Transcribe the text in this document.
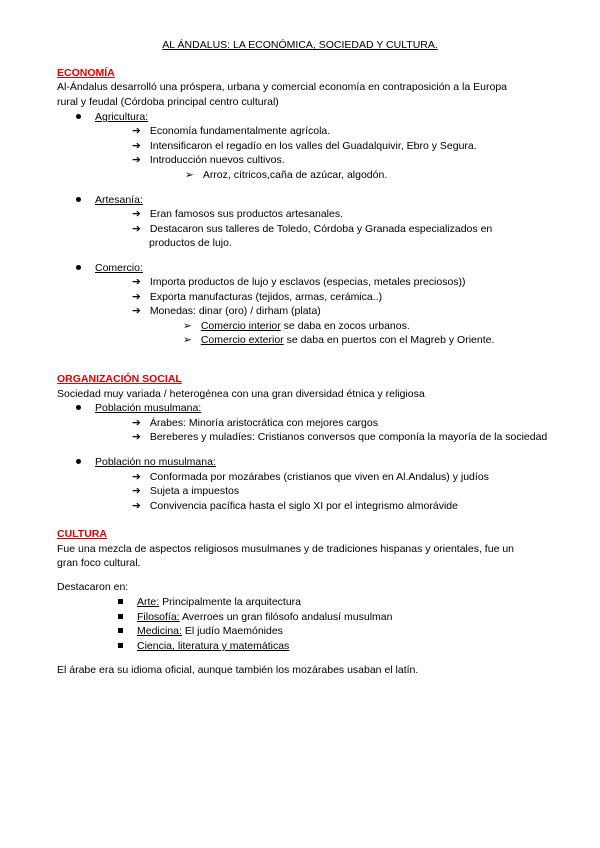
AL ÁNDALUS: LA ECONÓMICA, SOCIEDAD Y CULTURA.
ECONOMÍA
Al-Ándalus desarrolló una próspera, urbana y comercial economía en contraposición a la Europa
rural y feudal (Córdoba principal centro cultural)
Agricultura:
➔ Economía fundamentalmente agrícola.
➔ Intensificaron el regadío en los valles del Guadalquivir, Ebro y Segura.
➔ Introducción nuevos cultivos.
➢ Arroz, cítricos,caña de azúcar, algodón.
Artesanía:
➔ Eran famosos sus productos artesanales.
➔ Destacaron sus talleres de Toledo, Córdoba y Granada especializados en
productos de lujo.
Comercio:
➔ Importa productos de lujo y esclavos (especias, metales preciosos))
➔ Exporta manufacturas (tejidos, armas, cerámica..)
➔ Monedas: dinar (oro) / dirham (plata)
➢ Comercio interior se daba en zocos urbanos.
➢ Comercio exterior se daba en puertos con el Magreb y Oriente.
ORGANIZACIÓN SOCIAL
Sociedad muy variada / heterogénea con una gran diversidad étnica y religiosa
Población musulmana:
➔ Árabes: Minoría aristocrática con mejores cargos
➔ Bereberes y muladíes: Cristianos conversos que componía la mayoría de la sociedad
Población no musulmana:
➔ Conformada por mozárabes (cristianos que viven en Al.Andalus) y judíos
➔ Sujeta a impuestos
➔ Convivencia pacífica hasta el siglo XI por el integrismo almorávide
CULTURA
Fue una mezcla de aspectos religiosos musulmanes y de tradiciones hispanas y orientales, fue un
gran foco cultural.
Destacaron en:
Arte: Principalmente la arquitectura
Filosofía: Averroes un gran filósofo andalusí musulman
Medicina: El judío Maemónides
Ciencia, literatura y matemáticas
El árabe era su idioma oficial, aunque también los mozárabes usaban el latín.
